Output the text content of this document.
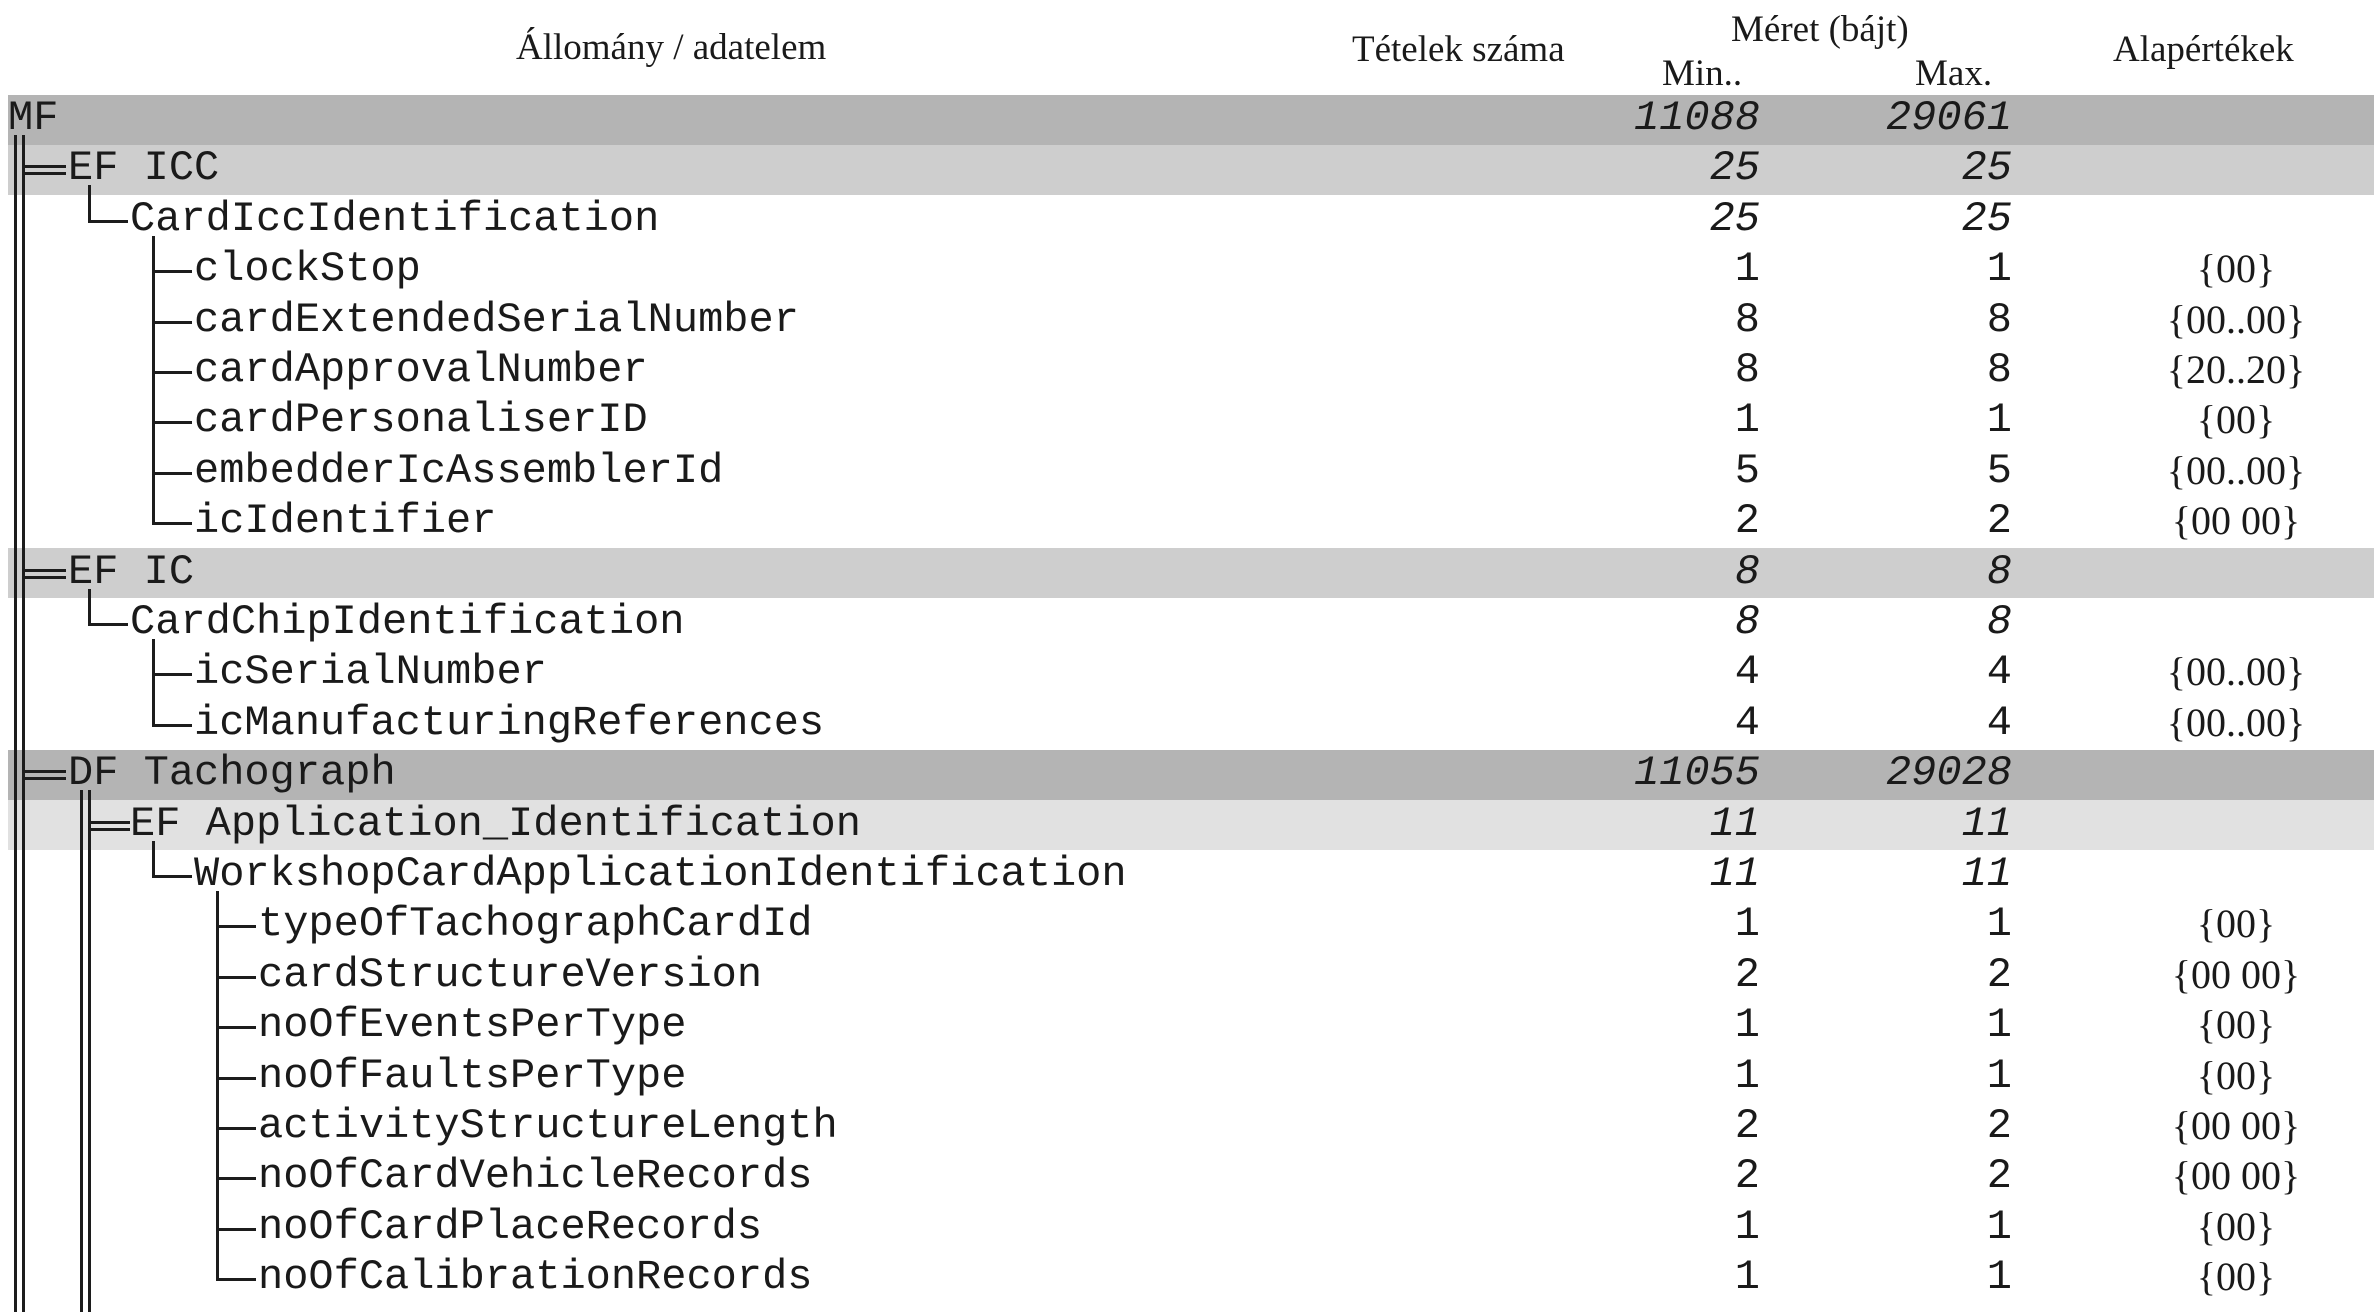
Állomány / adatelem	Tételek száma	Méret (bájt)
Min..	Max.
Alapértékek
MF	11088	29061
EF ICC	25	25
CardIccIdentification	25	25
clockStop	1	1	{00}
cardExtendedSerialNumber	8	8	{00..00}
cardApprovalNumber	8	8	{20..20}
cardPersonaliserID	1	1	{00}
embedderIcAssemblerId	5	5	{00..00}
icIdentifier	2	2	{00 00}
EF IC	8	8
CardChipIdentification	8	8
icSerialNumber	4	4	{00..00}
icManufacturingReferences	4	4	{00..00}
DF Tachograph	11055	29028
EF Application_Identification	11	11
WorkshopCardApplicationIdentification	11	11
typeOfTachographCardId	1	1	{00}
cardStructureVersion	2	2	{00 00}
noOfEventsPerType	1	1	{00}
noOfFaultsPerType	1	1	{00}
activityStructureLength	2	2	{00 00}
noOfCardVehicleRecords	2	2	{00 00}
noOfCardPlaceRecords	1	1	{00}
noOfCalibrationRecords	1	1	{00}
